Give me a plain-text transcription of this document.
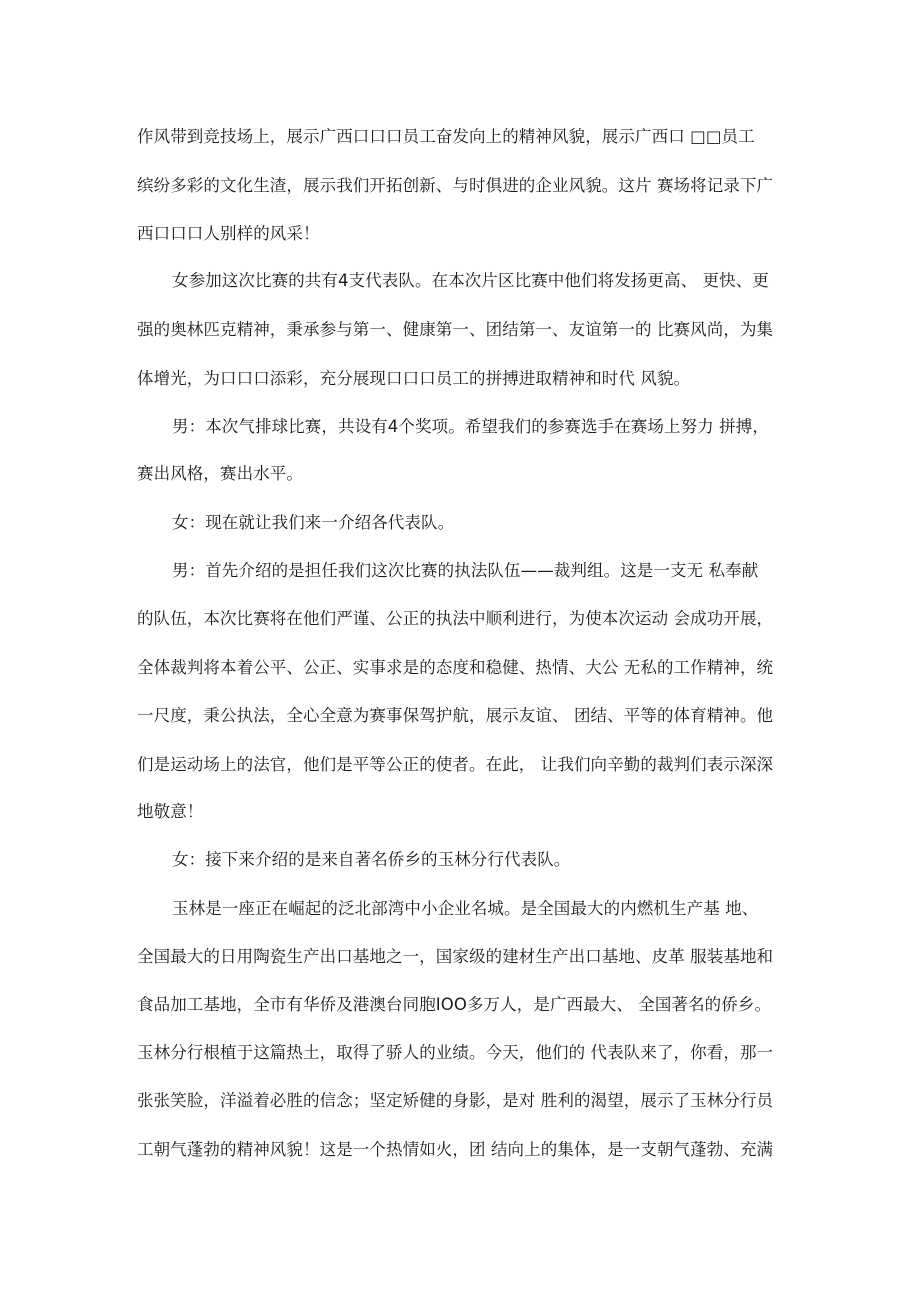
作风带到竞技场上，展示广西口口口员工奋发向上的精神风貌，展示广西口 □□员工
缤纷多彩的文化生渣，展示我们开拓创新、与时俱进的企业风貌。这片 赛场将记录下广
西口口口人别样的风采！
女参加这次比赛的共有4支代表队。在本次片区比赛中他们将发扬更高、 更快、更
强的奥林匹克精神，秉承参与第一、健康第一、团结第一、友谊第一的 比赛风尚，为集
体增光，为口口口添彩，充分展现口口口员工的拼搏进取精神和时代 风貌。
男：本次气排球比赛，共设有4个奖项。希望我们的参赛选手在赛场上努力 拼搏，
赛出风格，赛出水平。
女：现在就让我们来一介绍各代表队。
男：首先介绍的是担任我们这次比赛的执法队伍——裁判组。这是一支无 私奉献
的队伍，本次比赛将在他们严谨、公正的执法中顺利进行，为使本次运动 会成功开展，
全体裁判将本着公平、公正、实事求是的态度和稳健、热情、大公 无私的工作精神，统
一尺度，秉公执法，全心全意为赛事保驾护航，展示友谊、 团结、平等的体育精神。他
们是运动场上的法官，他们是平等公正的使者。在此， 让我们向辛勤的裁判们表示深深
地敬意！
女：接下来介绍的是来自著名侨乡的玉林分行代表队。
玉林是一座正在崛起的泛北部湾中小企业名城。是全国最大的内燃机生产基 地、
全国最大的日用陶瓷生产出口基地之一，国家级的建材生产出口基地、皮革 服装基地和
食品加工基地，全市有华侨及港澳台同胞IOO多万人，是广西最大、 全国著名的侨乡。
玉林分行根植于这篇热土，取得了骄人的业绩。今天，他们的 代表队来了，你看，那一
张张笑脸，洋溢着必胜的信念；坚定矫健的身影，是对 胜利的渴望，展示了玉林分行员
工朝气蓬勃的精神风貌！这是一个热情如火，团 结向上的集体，是一支朝气蓬勃、充满
